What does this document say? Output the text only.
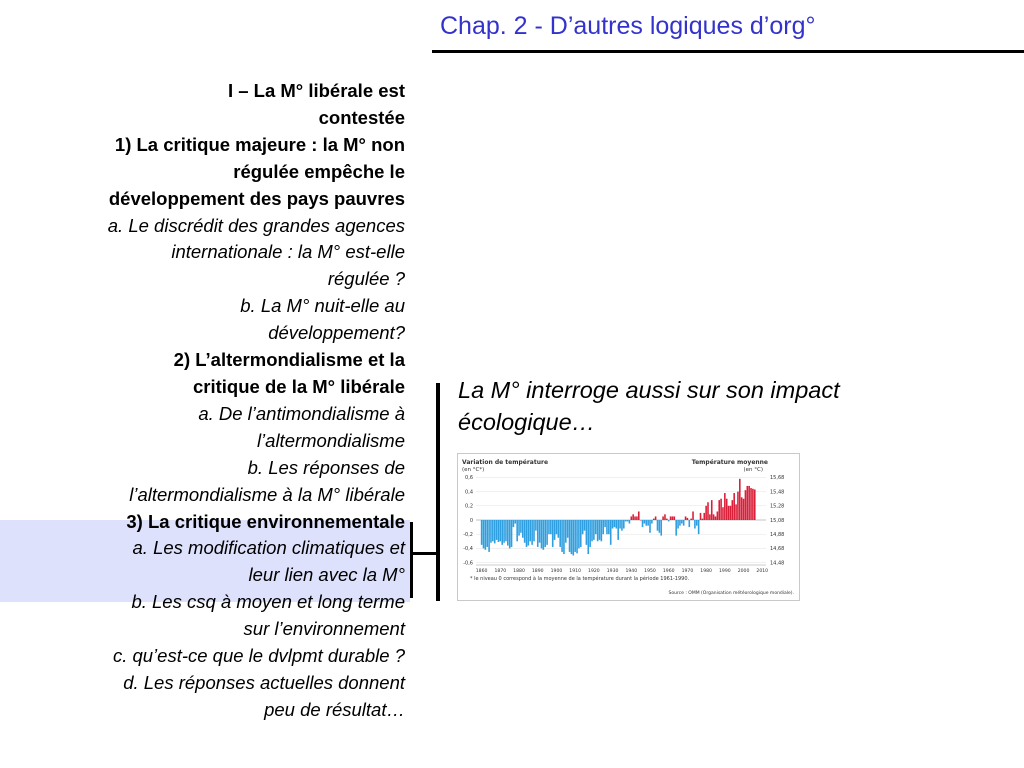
Chap. 2 - D’autres logiques d’org°
I – La M° libérale est
contestée
1) La critique majeure : la M° non
régulée empêche le
développement des pays pauvres
a. Le discrédit des grandes agences
internationale : la M° est-elle
régulée ?
b. La M° nuit-elle au
développement?
2) L’altermondialisme et la
critique de la M° libérale
a. De l’antimondialisme à
l’altermondialisme
b. Les réponses de
l’altermondialisme à la M° libérale
3) La critique environnementale
a. Les modification climatiques et
leur lien avec la M°
b. Les csq à moyen et long terme
sur l’environnement
c. qu’est-ce que le dvlpmt durable ?
d. Les réponses actuelles donnent
peu de résultat…
La M° interroge aussi sur son impact écologique…
Variation de température
(en °C*)
Température moyenne
(en °C)
0,6
0,4
0,2
0
-0,2
-0,4
-0,6
15,68
15,48
15,28
15,08
14,88
14,68
14,48
1860 1870 1880 1890 1900 1910 1920 1930 1940 1950 1960 1970 1980 1990 2000 2010
* le niveau 0 correspond à la moyenne de la température durant la période 1961-1990.
Source : OMM (Organisation météorologique mondiale).
